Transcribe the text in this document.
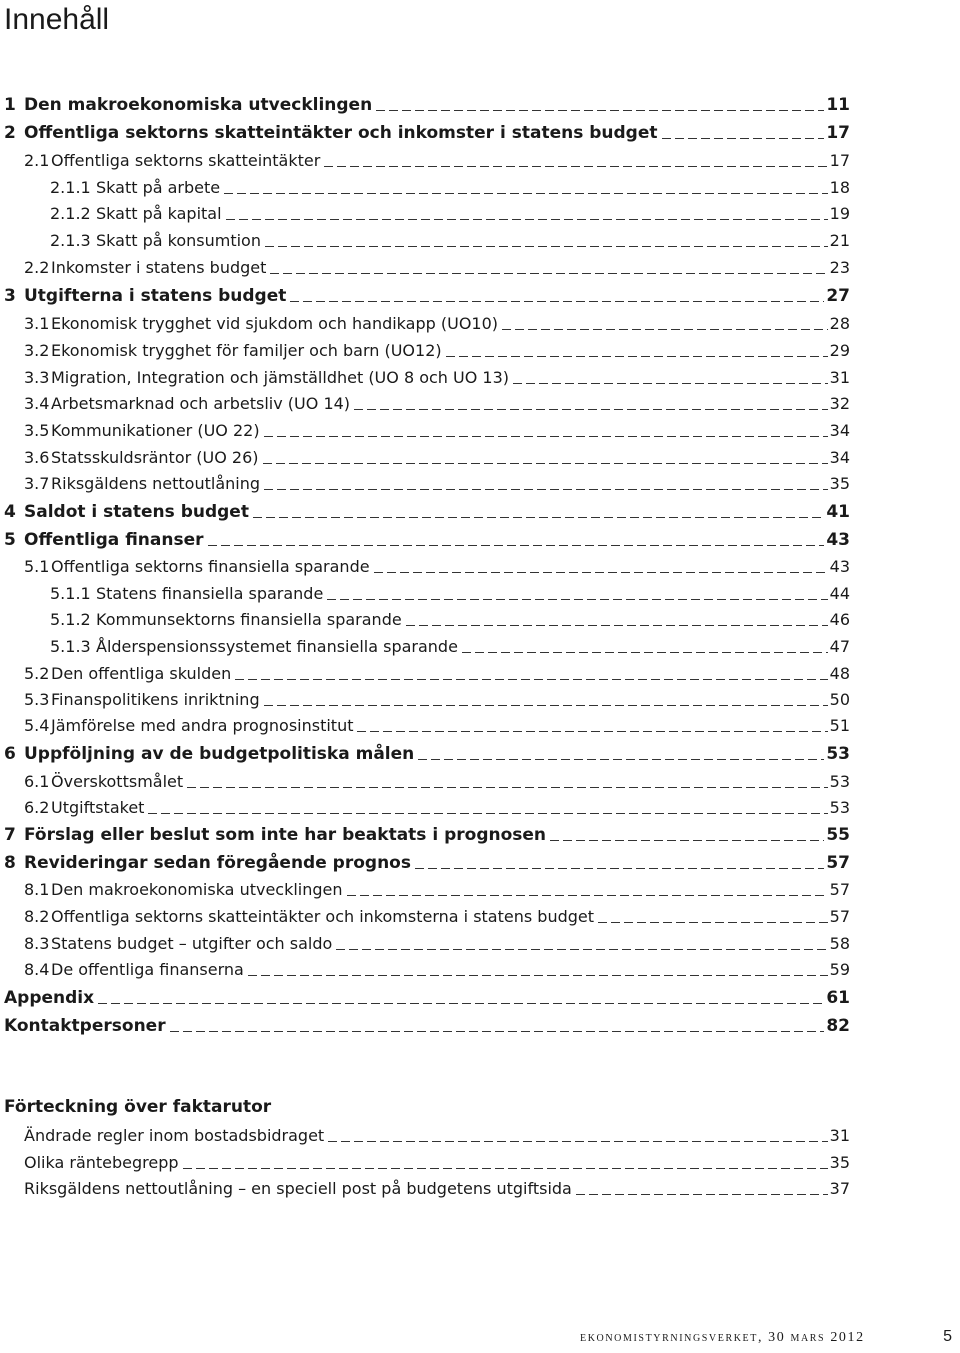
Innehåll
1 Den makroekonomiska utvecklingen	11
2 Offentliga sektorns skatteintäkter och inkomster i statens budget	17
2.1 Offentliga sektorns skatteintäkter	17
2.1.1 Skatt på arbete	18
2.1.2 Skatt på kapital	19
2.1.3 Skatt på konsumtion	21
2.2 Inkomster i statens budget	23
3 Utgifterna i statens budget	27
3.1 Ekonomisk trygghet vid sjukdom och handikapp (UO10)	28
3.2 Ekonomisk trygghet för familjer och barn (UO12)	29
3.3 Migration, Integration och jämställdhet (UO 8 och UO 13)	31
3.4 Arbetsmarknad och arbetsliv (UO 14)	32
3.5 Kommunikationer (UO 22)	34
3.6 Statsskuldsräntor (UO 26)	34
3.7 Riksgäldens nettoutlåning	35
4 Saldot i statens budget	41
5 Offentliga finanser	43
5.1 Offentliga sektorns finansiella sparande	43
5.1.1 Statens finansiella sparande	44
5.1.2 Kommunsektorns finansiella sparande	46
5.1.3 Ålderspensionssystemet finansiella sparande	47
5.2 Den offentliga skulden	48
5.3 Finanspolitikens inriktning	50
5.4 Jämförelse med andra prognosinstitut	51
6 Uppföljning av de budgetpolitiska målen	53
6.1 Överskottsmålet	53
6.2 Utgiftstaket	53
7 Förslag eller beslut som inte har beaktats i prognosen	55
8 Revideringar sedan föregående prognos	57
8.1 Den makroekonomiska utvecklingen	57
8.2 Offentliga sektorns skatteintäkter och inkomsterna i statens budget	57
8.3 Statens budget – utgifter och saldo	58
8.4 De offentliga finanserna	59
Appendix	61
Kontaktpersoner	82
Förteckning över faktarutor
Ändrade regler inom bostadsbidraget	31
Olika räntebegrepp	35
Riksgäldens nettoutlåning – en speciell post på budgetens utgiftsida	37
ekonomistyrningsverket, 30 mars 2012	5
